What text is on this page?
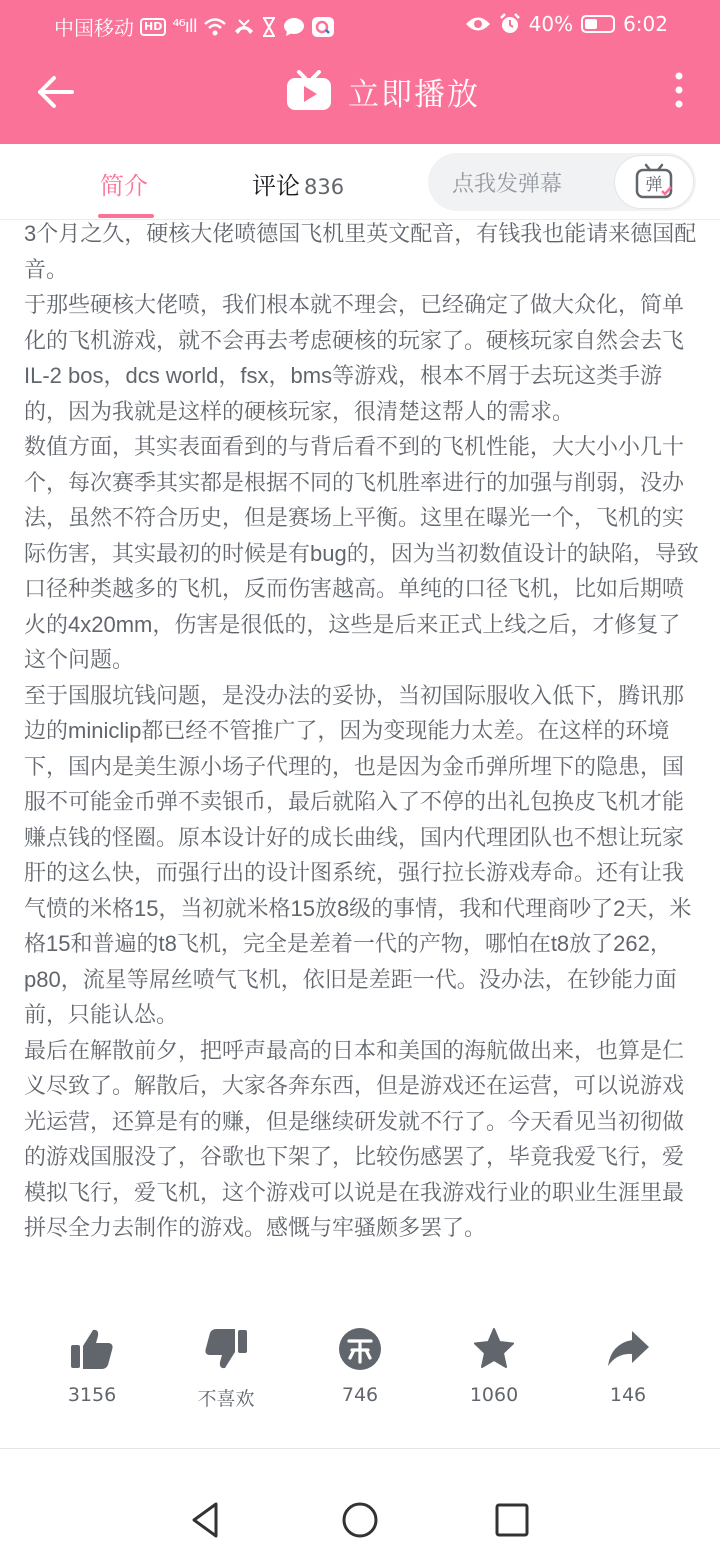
中国移动 HD ⁴⁶ıll	40%	6:02
立即播放
简介	评论 836	点我发弹幕	弹

3个月之久，硬核大佬喷德国飞机里英文配音，有钱我也能请来德国配音。

于那些硬核大佬喷，我们根本就不理会，已经确定了做大众化，简单化的飞机游戏，就不会再去考虑硬核的玩家了。硬核玩家自然会去飞IL-2 bos，dcs world，fsx，bms等游戏，根本不屑于去玩这类手游的，因为我就是这样的硬核玩家，很清楚这帮人的需求。

数值方面，其实表面看到的与背后看不到的飞机性能，大大小小几十个，每次赛季其实都是根据不同的飞机胜率进行的加强与削弱，没办法，虽然不符合历史，但是赛场上平衡。这里在曝光一个，飞机的实际伤害，其实最初的时候是有bug的，因为当初数值设计的缺陷，导致口径种类越多的飞机，反而伤害越高。单纯的口径飞机，比如后期喷火的4x20mm，伤害是很低的，这些是后来正式上线之后，才修复了这个问题。

至于国服坑钱问题，是没办法的妥协，当初国际服收入低下，腾讯那边的miniclip都已经不管推广了，因为变现能力太差。在这样的环境下，国内是美生源小场子代理的，也是因为金币弹所埋下的隐患，国服不可能金币弹不卖银币，最后就陷入了不停的出礼包换皮飞机才能赚点钱的怪圈。原本设计好的成长曲线，国内代理团队也不想让玩家肝的这么快，而强行出的设计图系统，强行拉长游戏寿命。还有让我气愤的米格15，当初就米格15放8级的事情，我和代理商吵了2天，米格15和普遍的t8飞机，完全是差着一代的产物，哪怕在t8放了262，p80，流星等屌丝喷气飞机，依旧是差距一代。没办法，在钞能力面前，只能认怂。

最后在解散前夕，把呼声最高的日本和美国的海航做出来，也算是仁义尽致了。解散后，大家各奔东西，但是游戏还在运营，可以说游戏光运营，还算是有的赚，但是继续研发就不行了。今天看见当初彻做的游戏国服没了，谷歌也下架了，比较伤感罢了，毕竟我爱飞行，爱模拟飞行，爱飞机，这个游戏可以说是在我游戏行业的职业生涯里最拼尽全力去制作的游戏。感慨与牢骚颇多罢了。

3156	不喜欢	746	1060	146
